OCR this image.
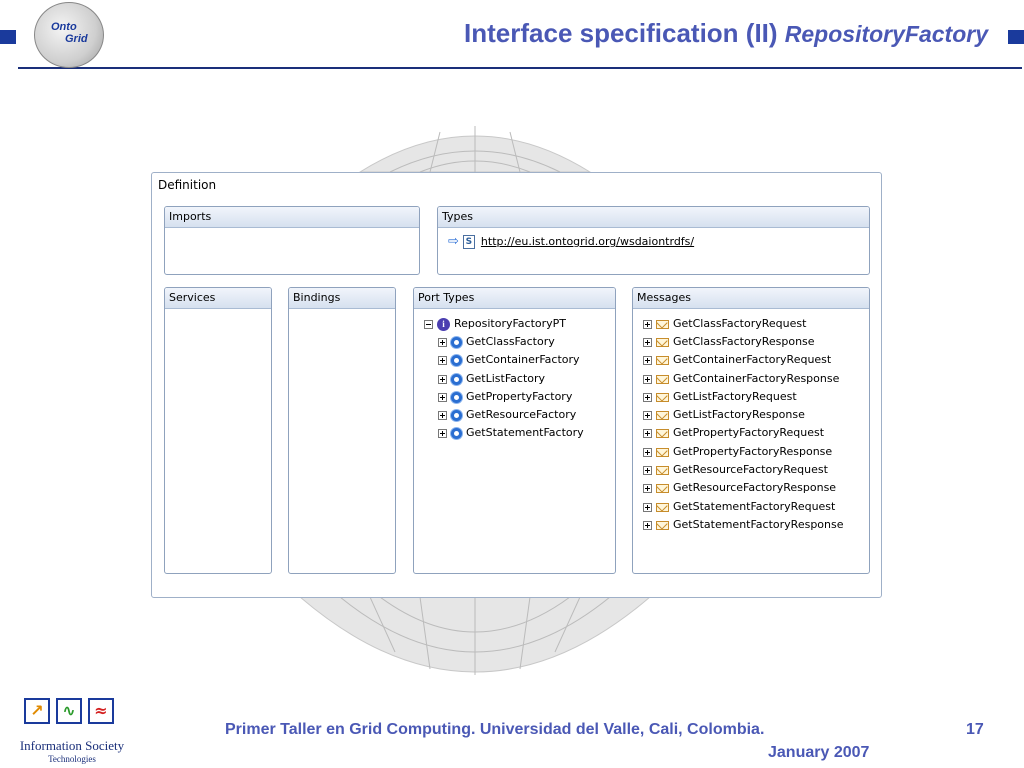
Onto
Grid	Interface specification (II) RepositoryFactory
Definition
Imports	Types
⇨ S http://eu.ist.ontogrid.org/wsdaiontrdfs/
Services	Bindings	Port Types
i RepositoryFactoryPT
GetClassFactory
GetContainerFactory
GetListFactory
GetPropertyFactory
GetResourceFactory
GetStatementFactory
Messages
GetClassFactoryRequest
GetClassFactoryResponse
GetContainerFactoryRequest
GetContainerFactoryResponse
GetListFactoryRequest
GetListFactoryResponse
GetPropertyFactoryRequest
GetPropertyFactoryResponse
GetResourceFactoryRequest
GetResourceFactoryResponse
GetStatementFactoryRequest
GetStatementFactoryResponse
↗	∿	≈
Information Society
Technologies
Primer Taller en Grid Computing. Universidad del Valle, Cali, Colombia.
January 2007
17
